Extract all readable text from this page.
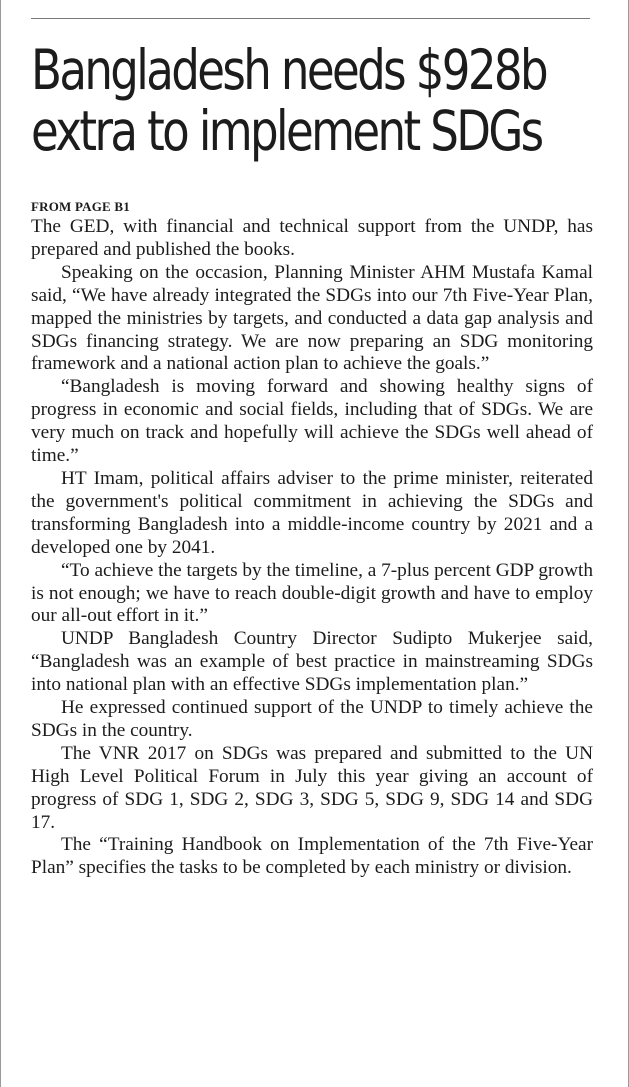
Bangladesh needs $928b
extra to implement SDGs
FROM PAGE B1

The GED, with financial and technical support from the UNDP, has prepared and published the books.

Speaking on the occasion, Planning Minister AHM Mustafa Kamal said, “We have already integrated the SDGs into our 7th Five-Year Plan, mapped the ministries by targets, and conducted a data gap analysis and SDGs financing strategy. We are now preparing an SDG monitoring framework and a national action plan to achieve the goals.”

“Bangladesh is moving forward and showing healthy signs of progress in economic and social fields, including that of SDGs. We are very much on track and hopefully will achieve the SDGs well ahead of time.”

HT Imam, political affairs adviser to the prime minister, reiterated the government's political commitment in achieving the SDGs and transforming Bangladesh into a middle-income country by 2021 and a developed one by 2041.

“To achieve the targets by the timeline, a 7-plus percent GDP growth is not enough; we have to reach double-digit growth and have to employ our all-out effort in it.”

UNDP Bangladesh Country Director Sudipto Mukerjee said, “Bangladesh was an example of best practice in mainstreaming SDGs into national plan with an effective SDGs implementation plan.”

He expressed continued support of the UNDP to timely achieve the SDGs in the country.

The VNR 2017 on SDGs was prepared and submitted to the UN High Level Political Forum in July this year giving an account of progress of SDG 1, SDG 2, SDG 3, SDG 5, SDG 9, SDG 14 and SDG 17.

The “Training Handbook on Implementation of the 7th Five-Year Plan” specifies the tasks to be completed by each ministry or division.
